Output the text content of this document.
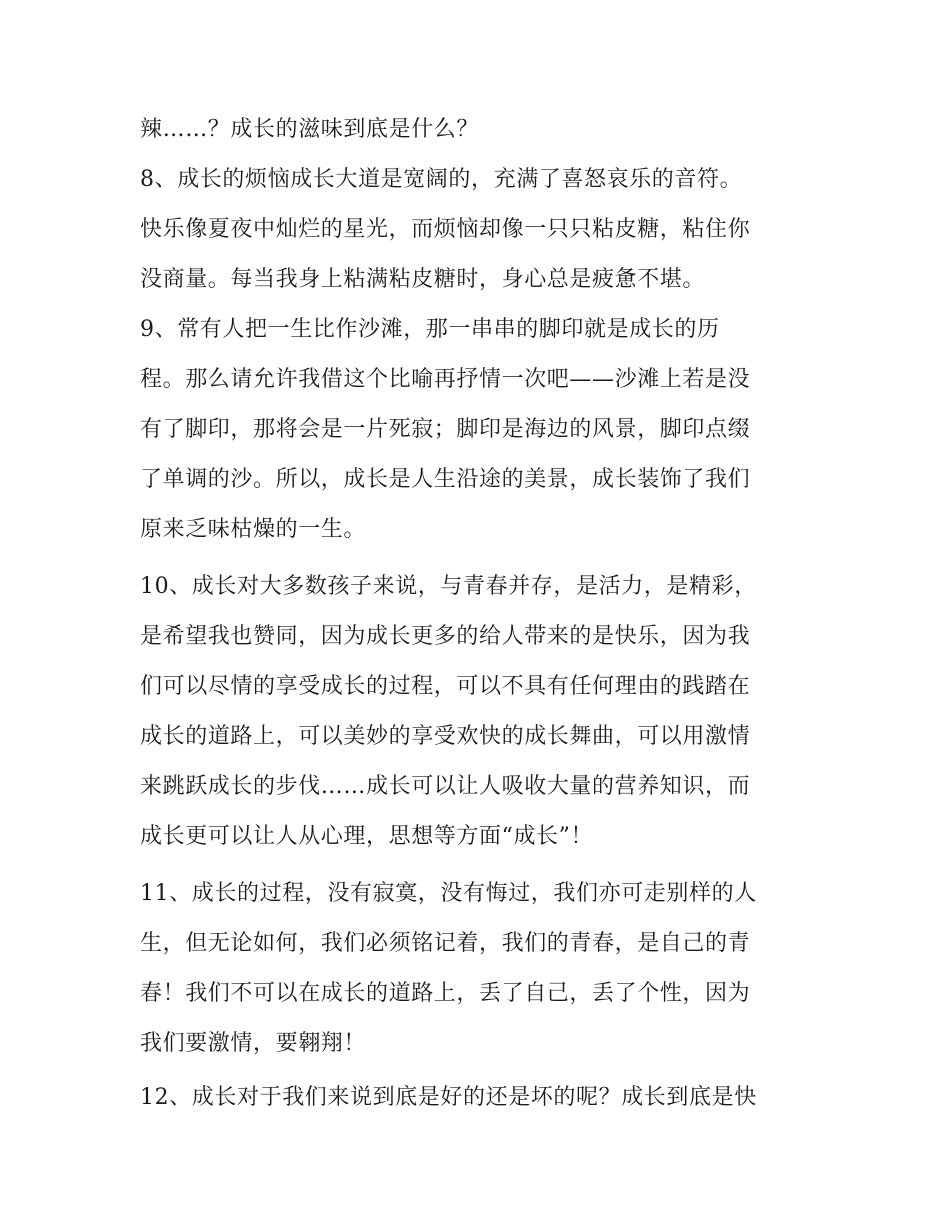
辣……？成长的滋味到底是什么？
8、成长的烦恼成长大道是宽阔的，充满了喜怒哀乐的音符。
快乐像夏夜中灿烂的星光，而烦恼却像一只只粘皮糖，粘住你
没商量。每当我身上粘满粘皮糖时，身心总是疲惫不堪。
9、常有人把一生比作沙滩，那一串串的脚印就是成长的历
程。那么请允许我借这个比喻再抒情一次吧——沙滩上若是没
有了脚印，那将会是一片死寂；脚印是海边的风景，脚印点缀
了单调的沙。所以，成长是人生沿途的美景，成长装饰了我们
原来乏味枯燥的一生。
10、成长对大多数孩子来说，与青春并存，是活力，是精彩，
是希望我也赞同，因为成长更多的给人带来的是快乐，因为我
们可以尽情的享受成长的过程，可以不具有任何理由的践踏在
成长的道路上，可以美妙的享受欢快的成长舞曲，可以用激情
来跳跃成长的步伐……成长可以让人吸收大量的营养知识，而
成长更可以让人从心理，思想等方面“成长”！
11、成长的过程，没有寂寞，没有悔过，我们亦可走别样的人
生，但无论如何，我们必须铭记着，我们的青春，是自己的青
春！我们不可以在成长的道路上，丢了自己，丢了个性，因为
我们要激情，要翱翔！
12、成长对于我们来说到底是好的还是坏的呢？成长到底是快
